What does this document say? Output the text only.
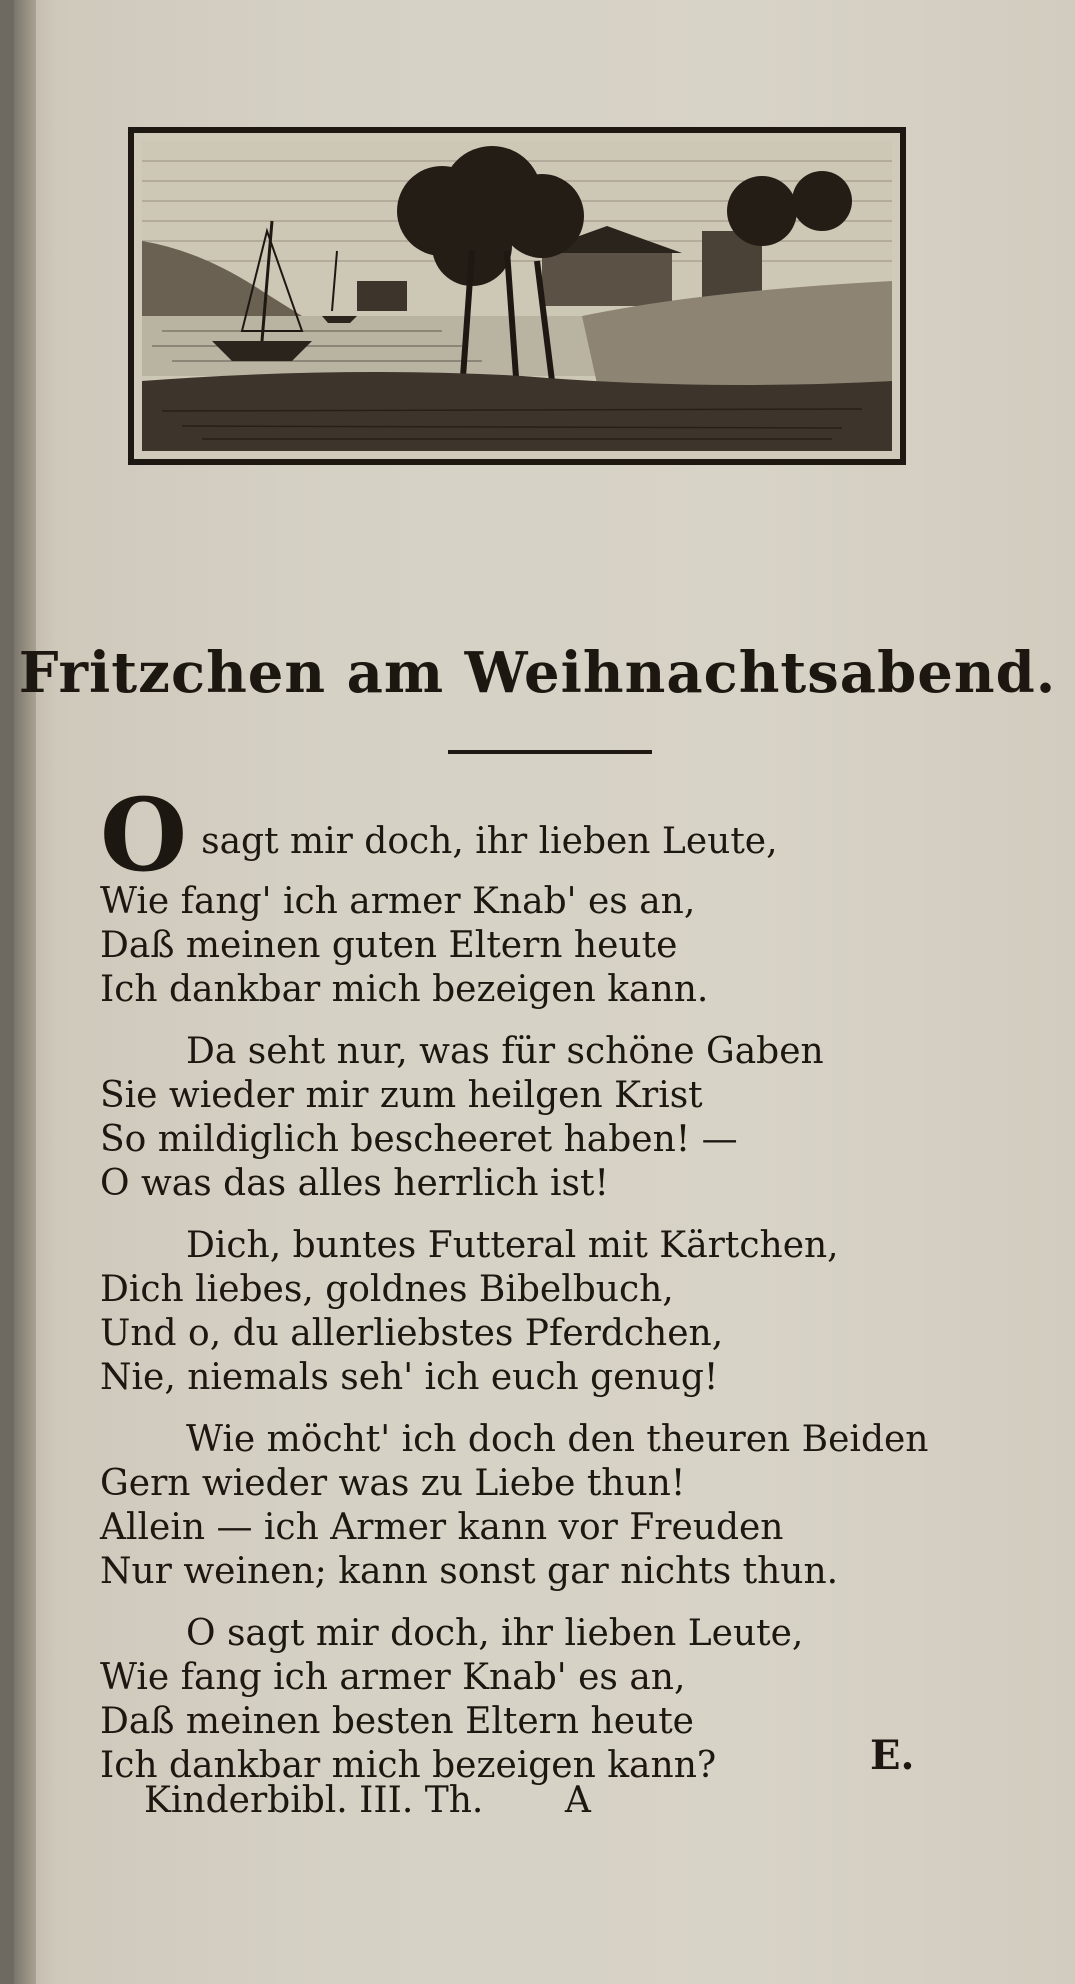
Fritzchen am Weihnachtsabend.
O sagt mir doch, ihr lieben Leute,
Wie fang' ich armer Knab' es an,
Daß meinen guten Eltern heute
Ich dankbar mich bezeigen kann.
Da seht nur, was für schöne Gaben
Sie wieder mir zum heilgen Krist
So mildiglich bescheeret haben! —
O was das alles herrlich ist!
Dich, buntes Futteral mit Kärtchen,
Dich liebes, goldnes Bibelbuch,
Und o, du allerliebstes Pferdchen,
Nie, niemals seh' ich euch genug!
Wie möcht' ich doch den theuren Beiden
Gern wieder was zu Liebe thun!
Allein — ich Armer kann vor Freuden
Nur weinen; kann sonst gar nichts thun.
O sagt mir doch, ihr lieben Leute,
Wie fang ich armer Knab' es an,
Daß meinen besten Eltern heute
Ich dankbar mich bezeigen kann?	E.
Kinderbibl. III. Th. A
